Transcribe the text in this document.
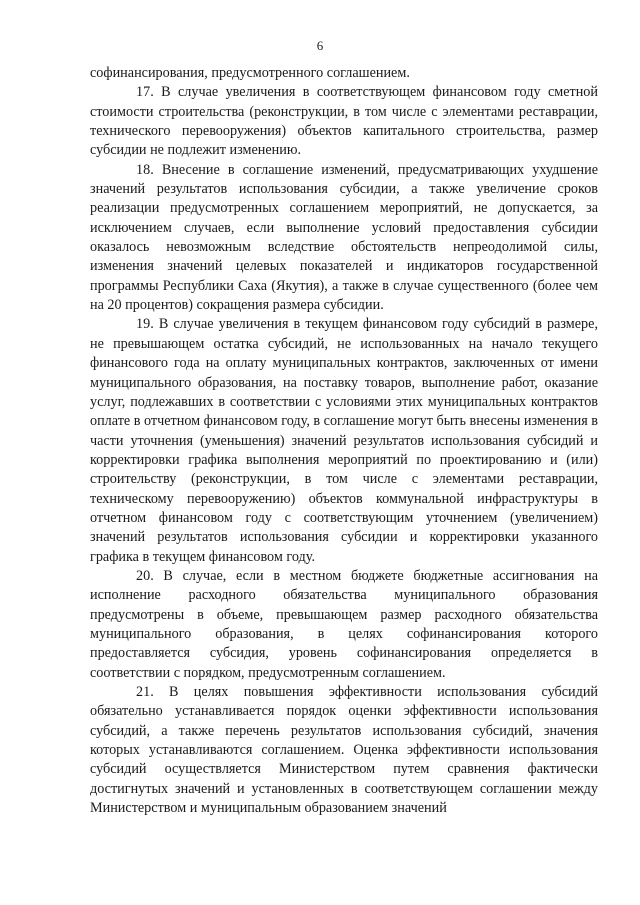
6

софинансирования, предусмотренного соглашением.

17. В случае увеличения в соответствующем финансовом году сметной стоимости строительства (реконструкции, в том числе с элементами реставрации, технического перевооружения) объектов капитального строительства, размер субсидии не подлежит изменению.

18. Внесение в соглашение изменений, предусматривающих ухудшение значений результатов использования субсидии, а также увеличение сроков реализации предусмотренных соглашением мероприятий, не допускается, за исключением случаев, если выполнение условий предоставления субсидии оказалось невозможным вследствие обстоятельств непреодолимой силы, изменения значений целевых показателей и индикаторов государственной программы Республики Саха (Якутия), а также в случае существенного (более чем на 20 процентов) сокращения размера субсидии.

19. В случае увеличения в текущем финансовом году субсидий в размере, не превышающем остатка субсидий, не использованных на начало текущего финансового года на оплату муниципальных контрактов, заключенных от имени муниципального образования, на поставку товаров, выполнение работ, оказание услуг, подлежавших в соответствии с условиями этих муниципальных контрактов оплате в отчетном финансовом году, в соглашение могут быть внесены изменения в части уточнения (уменьшения) значений результатов использования субсидий и корректировки графика выполнения мероприятий по проектированию и (или) строительству (реконструкции, в том числе с элементами реставрации, техническому перевооружению) объектов коммунальной инфраструктуры в отчетном финансовом году с соответствующим уточнением (увеличением) значений результатов использования субсидии и корректировки указанного графика в текущем финансовом году.

20. В случае, если в местном бюджете бюджетные ассигнования на исполнение расходного обязательства муниципального образования предусмотрены в объеме, превышающем размер расходного обязательства муниципального образования, в целях софинансирования которого предоставляется субсидия, уровень софинансирования определяется в соответствии с порядком, предусмотренным соглашением.

21. В целях повышения эффективности использования субсидий обязательно устанавливается порядок оценки эффективности использования субсидий, а также перечень результатов использования субсидий, значения которых устанавливаются соглашением. Оценка эффективности использования субсидий осуществляется Министерством путем сравнения фактически достигнутых значений и установленных в соответствующем соглашении между Министерством и муниципальным образованием значений
